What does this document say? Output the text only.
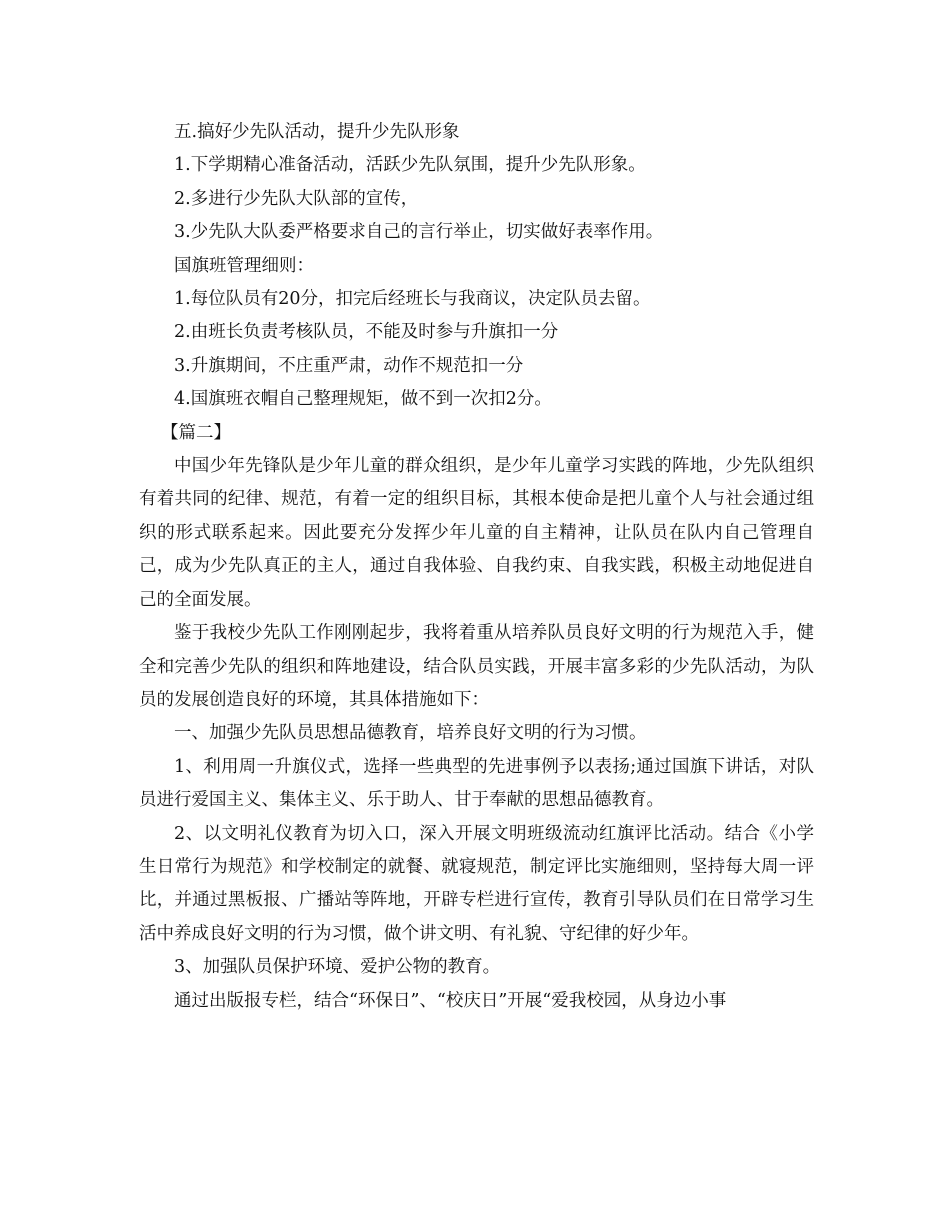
五.搞好少先队活动，提升少先队形象

1.下学期精心准备活动，活跃少先队氛围，提升少先队形象。

2.多进行少先队大队部的宣传，

3.少先队大队委严格要求自己的言行举止，切实做好表率作用。

国旗班管理细则：

1.每位队员有20分，扣完后经班长与我商议，决定队员去留。

2.由班长负责考核队员，不能及时参与升旗扣一分

3.升旗期间，不庄重严肃，动作不规范扣一分

4.国旗班衣帽自己整理规矩，做不到一次扣2分。

【篇二】

中国少年先锋队是少年儿童的群众组织，是少年儿童学习实践的阵地，少先队组织有着共同的纪律、规范，有着一定的组织目标，其根本使命是把儿童个人与社会通过组织的形式联系起来。因此要充分发挥少年儿童的自主精神，让队员在队内自己管理自己，成为少先队真正的主人，通过自我体验、自我约束、自我实践，积极主动地促进自己的全面发展。

鉴于我校少先队工作刚刚起步，我将着重从培养队员良好文明的行为规范入手，健全和完善少先队的组织和阵地建设，结合队员实践，开展丰富多彩的少先队活动，为队员的发展创造良好的环境，其具体措施如下：

一、加强少先队员思想品德教育，培养良好文明的行为习惯。

1、利用周一升旗仪式，选择一些典型的先进事例予以表扬;通过国旗下讲话，对队员进行爱国主义、集体主义、乐于助人、甘于奉献的思想品德教育。

2、以文明礼仪教育为切入口，深入开展文明班级流动红旗评比活动。结合《小学生日常行为规范》和学校制定的就餐、就寝规范，制定评比实施细则，坚持每大周一评比，并通过黑板报、广播站等阵地，开辟专栏进行宣传，教育引导队员们在日常学习生活中养成良好文明的行为习惯，做个讲文明、有礼貌、守纪律的好少年。

3、加强队员保护环境、爱护公物的教育。

通过出版报专栏，结合“环保日”、“校庆日”开展“爱我校园，从身边小事
